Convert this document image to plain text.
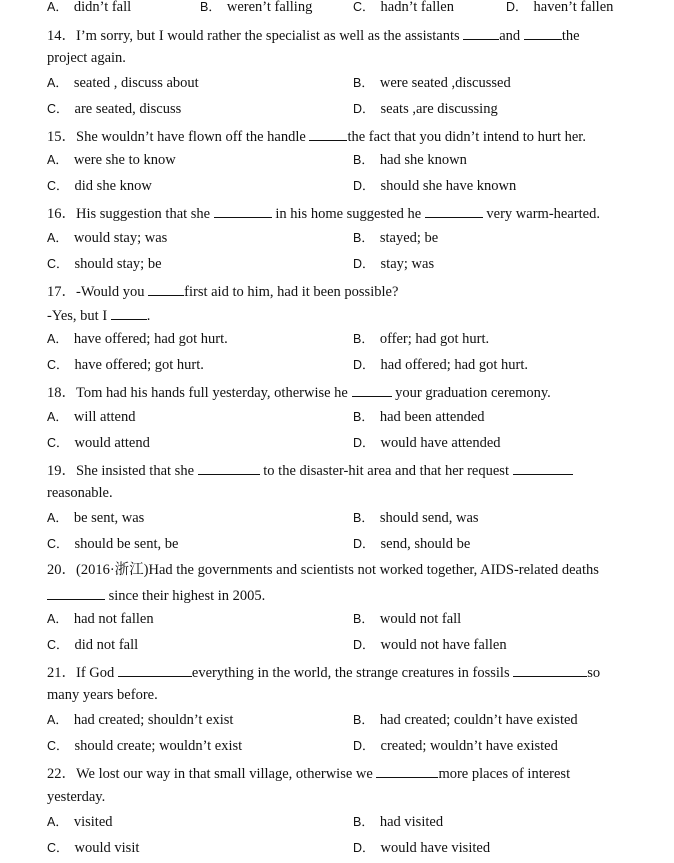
A． didn’t fall	B． weren’t falling	C． hadn’t fallen	D． haven’t fallen
14．I’m sorry, but I would rather the specialist as well as the assistants	and	the
project again.
A． seated , discuss about	B． were seated ,discussed
C． are seated, discuss	D． seats ,are discussing
15．She wouldn’t have flown off the handle	the fact that you didn’t intend to hurt her.
A． were she to know	B． had she known
C． did she know	D． should she have known
16．His suggestion that she	in his home suggested he	very warm-hearted.
A． would stay; was	B． stayed; be
C． should stay; be	D． stay; was
17．-Would you	first aid to him, had it been possible?
-Yes, but I	.
A． have offered; had got hurt.	B． offer; had got hurt.
C． have offered; got hurt.	D． had offered; had got hurt.
18．Tom had his hands full yesterday, otherwise he	your graduation ceremony.
A． will attend	B． had been attended
C． would attend	D． would have attended
19．She insisted that she	to the disaster-hit area and that her request
reasonable.
A． be sent, was	B． should send, was
C． should be sent, be	D． send, should be
20．(2016·浙江)Had the governments and scientists not worked together, AIDS-related deaths
since their highest in 2005.
A． had not fallen	B． would not fall
C． did not fall	D． would not have fallen
21．If God	everything in the world, the strange creatures in fossils	so
many years before.
A． had created; shouldn’t exist	B． had created; couldn’t have existed
C． should create; wouldn’t exist	D． created; wouldn’t have existed
22．We lost our way in that small village, otherwise we	more places of interest
yesterday.
A． visited	B． had visited
C． would visit	D． would have visited
